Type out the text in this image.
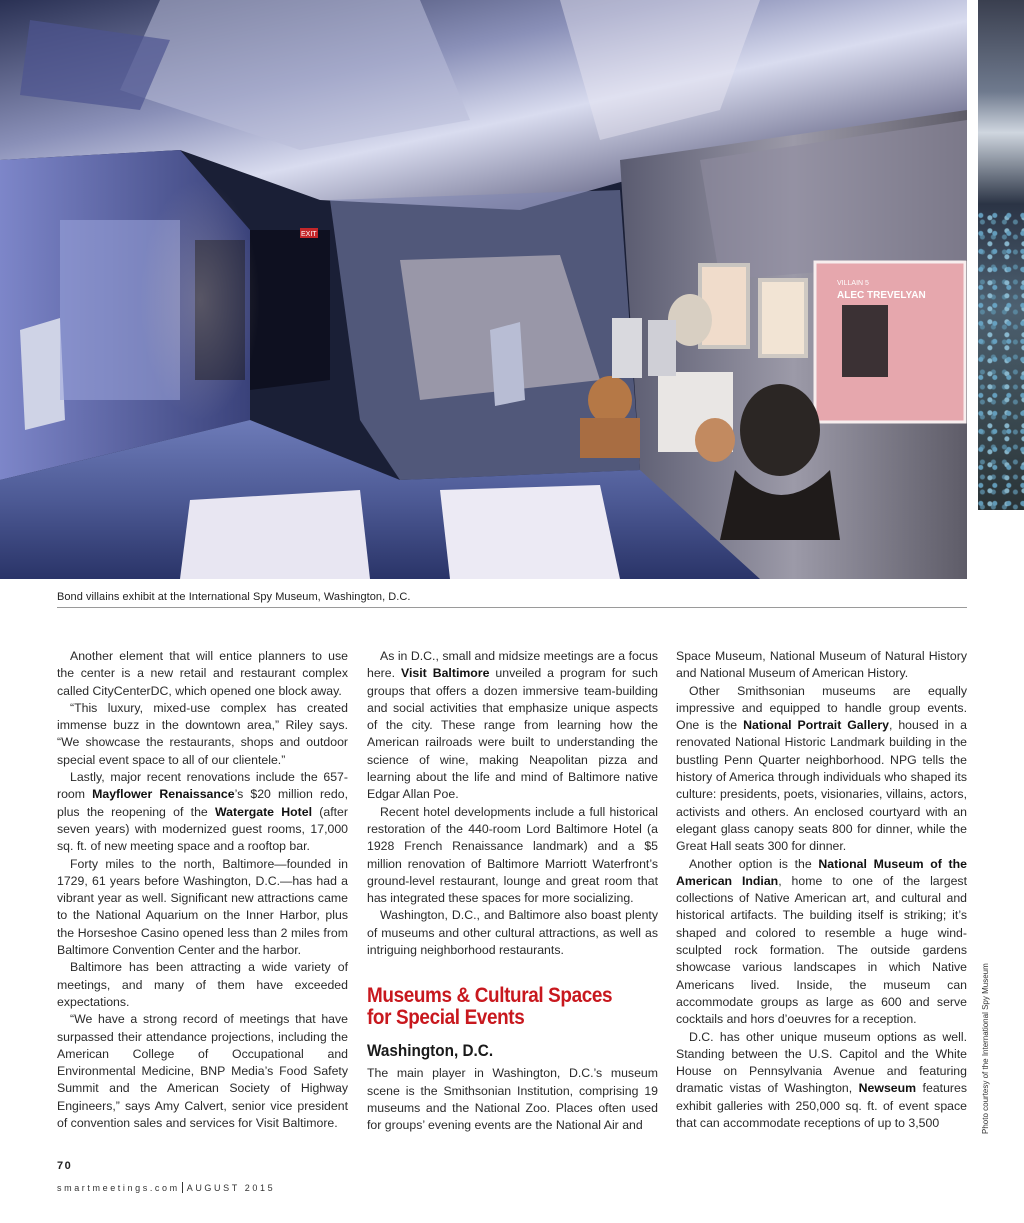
EXIT
VILLAIN 5
ALEC TREVELYAN
Bond villains exhibit at the International Spy Museum, Washington, D.C.

Another element that will entice planners to use the center is a new retail and restaurant complex called CityCenterDC, which opened one block away.

“This luxury, mixed-use complex has created immense buzz in the downtown area,” Riley says. “We showcase the restaurants, shops and outdoor special event space to all of our clientele.”

Lastly, major recent renovations include the 657-room Mayflower Renaissance’s $20 million redo, plus the reopening of the Watergate Hotel (after seven years) with modernized guest rooms, 17,000 sq. ft. of new meeting space and a rooftop bar.

Forty miles to the north, Baltimore—founded in 1729, 61 years before Washington, D.C.—has had a vibrant year as well. Significant new attractions came to the National Aquarium on the Inner Harbor, plus the Horseshoe Casino opened less than 2 miles from Baltimore Convention Center and the harbor.

Baltimore has been attracting a wide variety of meetings, and many of them have exceeded expectations.

“We have a strong record of meetings that have surpassed their attendance projections, including the American College of Occupational and Environmental Medicine, BNP Media’s Food Safety Summit and the American Society of Highway Engineers,” says Amy Calvert, senior vice president of convention sales and services for Visit Baltimore.

As in D.C., small and midsize meetings are a focus here. Visit Baltimore unveiled a program for such groups that offers a dozen immersive team-building and social activities that emphasize unique aspects of the city. These range from learning how the American railroads were built to understanding the science of wine, making Neapolitan pizza and learning about the life and mind of Baltimore native Edgar Allan Poe.

Recent hotel developments include a full historical restoration of the 440-room Lord Baltimore Hotel (a 1928 French Renaissance landmark) and a $5 million renovation of Baltimore Marriott Waterfront’s ground-level restaurant, lounge and great room that has integrated these spaces for more socializing.

Washington, D.C., and Baltimore also boast plenty of museums and other cultural attractions, as well as intriguing neighborhood restaurants.

Museums & Cultural Spaces
for Special Events
Washington, D.C.

The main player in Washington, D.C.’s museum scene is the Smithsonian Institution, comprising 19 museums and the National Zoo. Places often used for groups’ evening events are the National Air and

Space Museum, National Museum of Natural History and National Museum of American History.

Other Smithsonian museums are equally impressive and equipped to handle group events. One is the National Portrait Gallery, housed in a renovated National Historic Landmark building in the bustling Penn Quarter neighborhood. NPG tells the history of America through individuals who shaped its culture: presidents, poets, visionaries, villains, actors, activists and others. An enclosed courtyard with an elegant glass canopy seats 800 for dinner, while the Great Hall seats 300 for dinner.

Another option is the National Museum of the American Indian, home to one of the largest collections of Native American art, and cultural and historical artifacts. The building itself is striking; it’s shaped and colored to resemble a huge wind-sculpted rock formation. The outside gardens showcase various landscapes in which Native Americans lived. Inside, the museum can accommodate groups as large as 600 and serve cocktails and hors d’oeuvres for a reception.

D.C. has other unique museum options as well. Standing between the U.S. Capitol and the White House on Pennsylvania Avenue and featuring dramatic vistas of Washington, Newseum features exhibit galleries with 250,000 sq. ft. of event space that can accommodate receptions of up to 3,500	Photo courtesy of the International Spy Museum
70
smartmeetings.com AUGUST 2015
